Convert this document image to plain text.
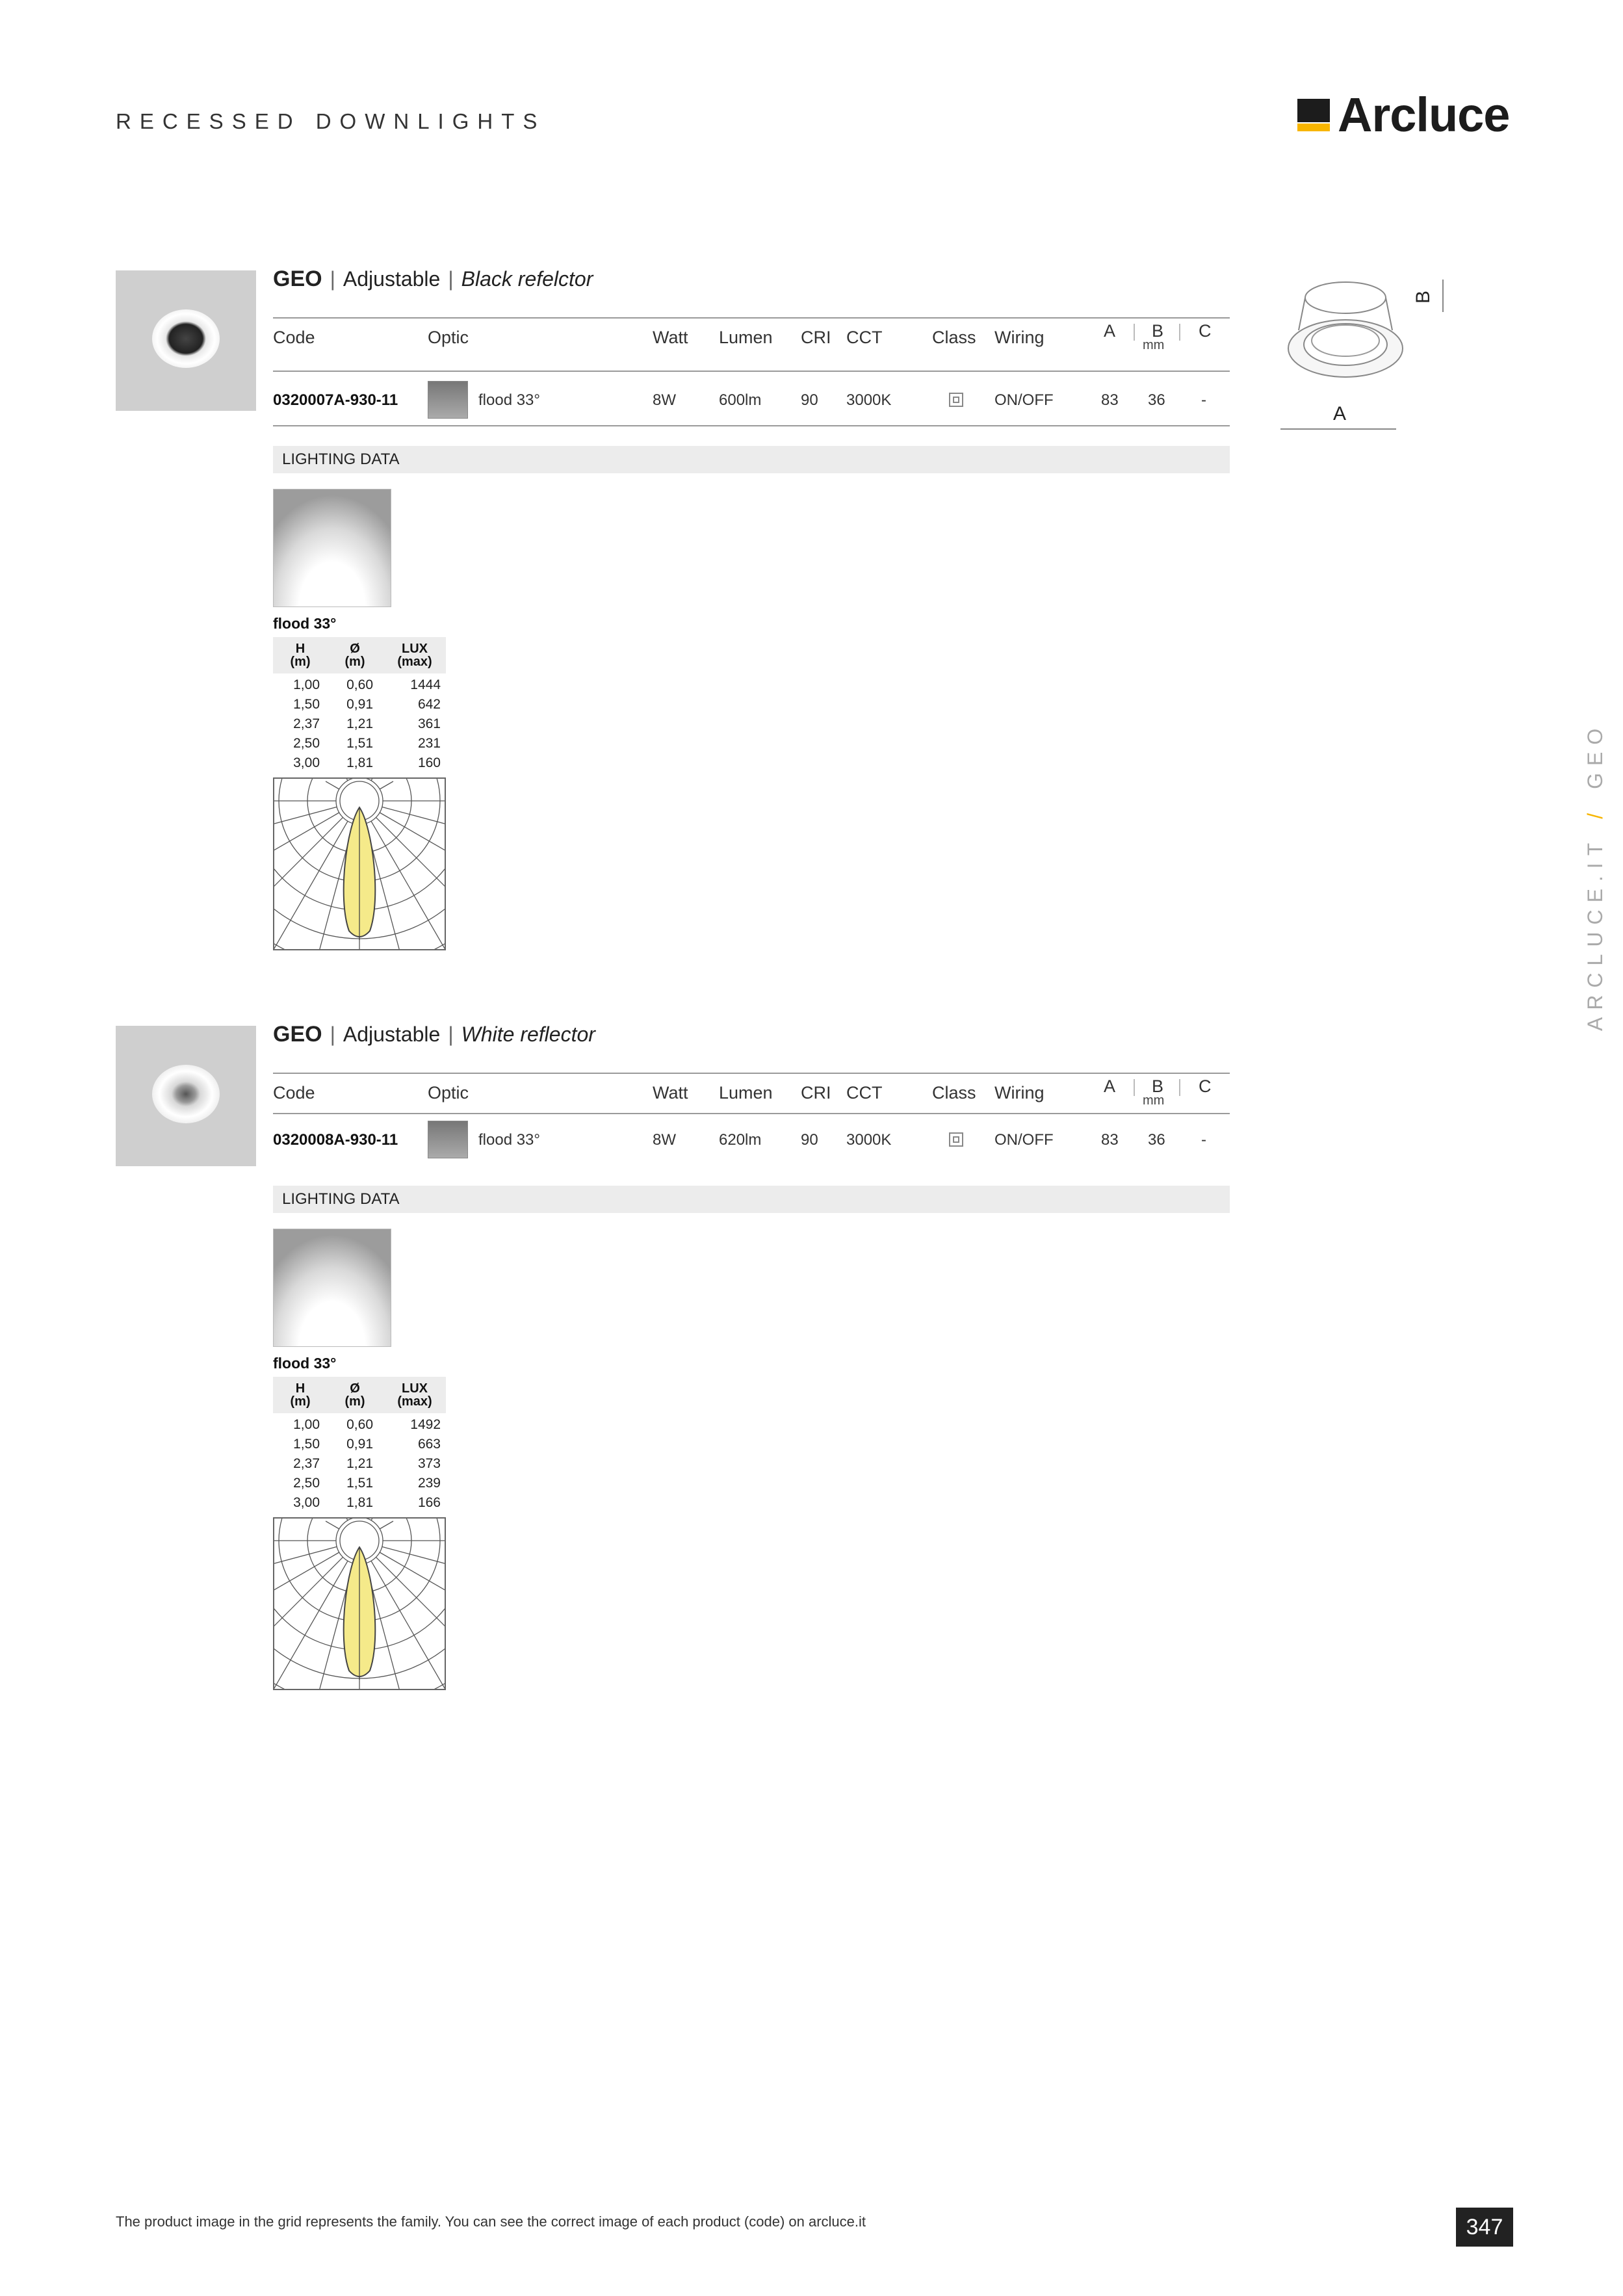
RECESSED DOWNLIGHTS	Arcluce
ARCLUCE.IT/GEO
A
B
GEO | Adjustable | Black refelctor
Code	Optic	Watt Lumen CRI CCT	Class Wiring	A B C
mm
0320007A-930-11	flood 33°	8W	600lm	90 3000K	ON/OFF	83 36 -
LIGHTING DATA
flood 33°
H
(m)
Ø
(m)
LUX
(max)
1,00	0,60	1444
1,50	0,91	642
2,37	1,21	361
2,50	1,51	231
3,00	1,81	160
GEO | Adjustable | White reflector
Code	Optic	Watt Lumen CRI CCT	Class Wiring	A B C
mm
0320008A-930-11	flood 33°	8W	620lm	90 3000K	ON/OFF	83 36 -
LIGHTING DATA
flood 33°
H
(m)
Ø
(m)
LUX
(max)
1,00	0,60	1492
1,50	0,91	663
2,37	1,21	373
2,50	1,51	239
3,00	1,81	166
The product image in the grid represents the family. You can see the correct image of each product (code) on arcluce.it	347
